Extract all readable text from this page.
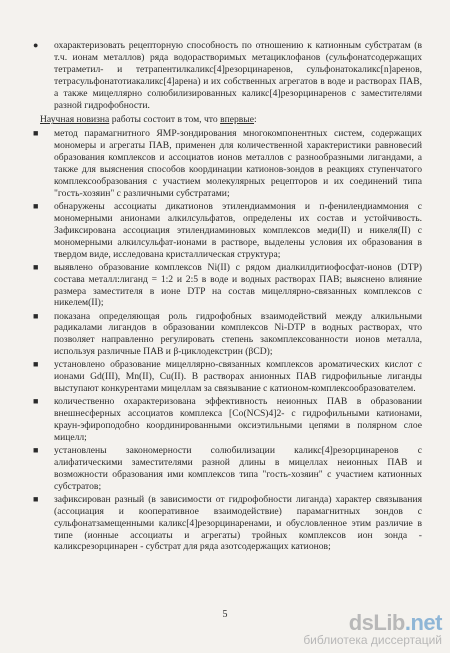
● охарактеризовать рецепторную способность по отношению к катионным субстратам (в т.ч. ионам металлов) ряда водорастворимых метациклофанов (сульфонатсодержащих тетраметил- и тетрапентилкаликс[4]резорцинаренов, сульфонатокаликс[n]аренов, тетрасульфонатотиакаликс[4]арена) и их собственных агрегатов в воде и растворах ПАВ, а также мицеллярно солюбилизированных каликс[4]резорцинаренов с заместителями разной гидрофобности.
Научная новизна работы состоит в том, что впервые:
■ метод парамагнитного ЯМР-зондирования многокомпонентных систем, содержащих мономеры и агрегаты ПАВ, применен для количественной характеристики равновесий образования комплексов и ассоциатов ионов металлов с разнообразными лигандами, а также для выяснения способов координации катионов-зондов в реакциях ступенчатого комплексообразования с участием молекулярных рецепторов и их соединений типа "гость-хозяин" с различными субстратами;
■ обнаружены ассоциаты дикатионов этилендиаммония и п-фенилендиаммония с мономерными анионами алкилсульфатов, определены их состав и устойчивость. Зафиксирована ассоциация этилендиаминовых комплексов меди(II) и никеля(II) с мономерными алкилсульфат-ионами в растворе, выделены условия их образования в твердом виде, исследована кристаллическая структура;
■ выявлено образование комплексов Ni(II) с рядом диалкилдитиофосфат-ионов (DTP) состава металл:лиганд = 1:2 и 2:5 в воде и водных растворах ПАВ; выяснено влияние размера заместителя в ионе DTP на состав мицеллярно-связанных комплексов с никелем(II);
■ показана определяющая роль гидрофобных взаимодействий между алкильными радикалами лигандов в образовании комплексов Ni-DTP в водных растворах, что позволяет направленно регулировать степень закомплексованности ионов металла, используя различные ПАВ и β-циклодекстрин (βCD);
■ установлено образование мицеллярно-связанных комплексов ароматических кислот с ионами Gd(III), Mn(II), Cu(II). В растворах анионных ПАВ гидрофильные лиганды выступают конкурентами мицеллам за связывание с катионом-комплексообразователем.
■ количественно охарактеризована эффективность неионных ПАВ в образовании внешнесферных ассоциатов комплекса [Co(NCS)4]2- с гидрофильными катионами, краун-эфироподобно координированными оксиэтильными цепями в полярном слое мицелл;
■ установлены закономерности солюбилизации каликс[4]резорцинаренов с алифатическими заместителями разной длины в мицеллах неионных ПАВ и возможности образования ими комплексов типа "гость-хозяин" с участием катионных субстратов;
■ зафиксирован разный (в зависимости от гидрофобности лиганда) характер связывания (ассоциация и кооперативное взаимодействие) парамагнитных зондов с сульфонатзамещенными каликс[4]резорцинаренами, и обусловленное этим различие в типе (ионные ассоциаты и агрегаты) тройных комплексов ион зонда - каликсрезорцинарен - субстрат для ряда азотсодержащих катионов;
5	dsLib.net
библиотека диссертаций
